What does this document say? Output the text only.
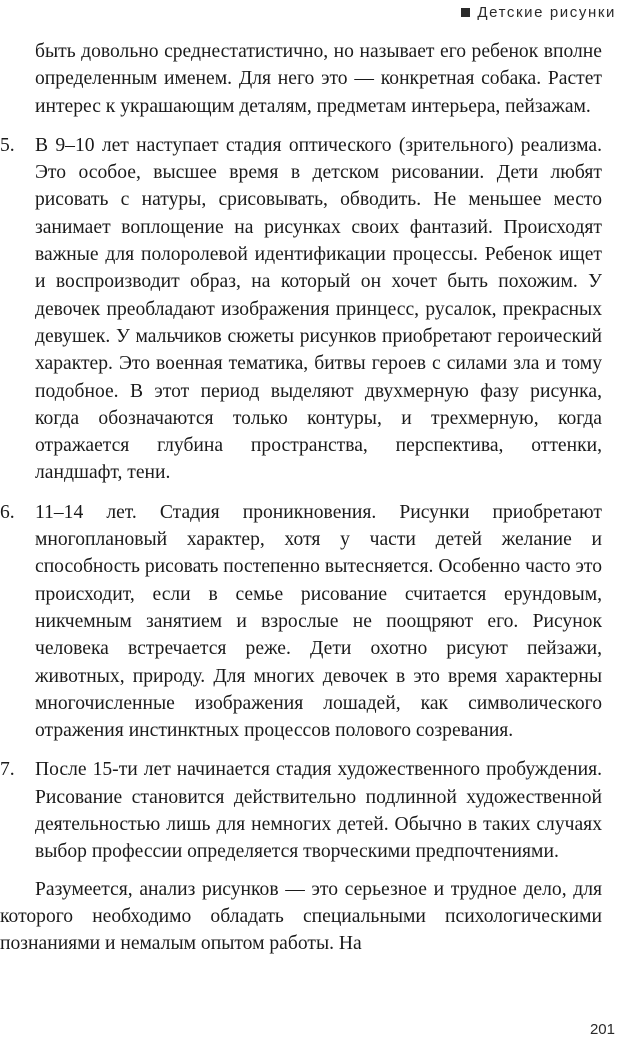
Детские рисунки

быть довольно среднестатистично, но называет его ребенок вполне определенным именем. Для него это — конкретная собака. Растет интерес к украшающим деталям, предметам интерьера, пейзажам.

5.	В 9–10 лет наступает стадия оптического (зрительного) реализма. Это особое, высшее время в детском рисовании. Дети любят рисовать с натуры, срисовывать, обводить. Не меньшее место занимает воплощение на рисунках своих фантазий. Происходят важные для полоролевой идентификации процессы. Ребенок ищет и воспроизводит образ, на который он хочет быть похожим. У девочек преобладают изображения принцесс, русалок, прекрасных девушек. У мальчиков сюжеты рисунков приобретают героический характер. Это военная тематика, битвы героев с силами зла и тому подобное. В этот период выделяют двухмерную фазу рисунка, когда обозначаются только контуры, и трехмерную, когда отражается глубина пространства, перспектива, оттенки, ландшафт, тени.

6.	11–14 лет. Стадия проникновения. Рисунки приобретают многоплановый характер, хотя у части детей желание и способность рисовать постепенно вытесняется. Особенно часто это происходит, если в семье рисование считается ерундовым, никчемным занятием и взрослые не поощряют его. Рисунок человека встречается реже. Дети охотно рисуют пейзажи, животных, природу. Для многих девочек в это время характерны многочисленные изображения лошадей, как символического отражения инстинктных процессов полового созревания.

7.	После 15-ти лет начинается стадия художественного пробуждения. Рисование становится действительно подлинной художественной деятельностью лишь для немногих детей. Обычно в таких случаях выбор профессии определяется творческими предпочтениями.

Разумеется, анализ рисунков — это серьезное и трудное дело, для которого необходимо обладать специальными психологическими познаниями и немалым опытом работы. На

201
